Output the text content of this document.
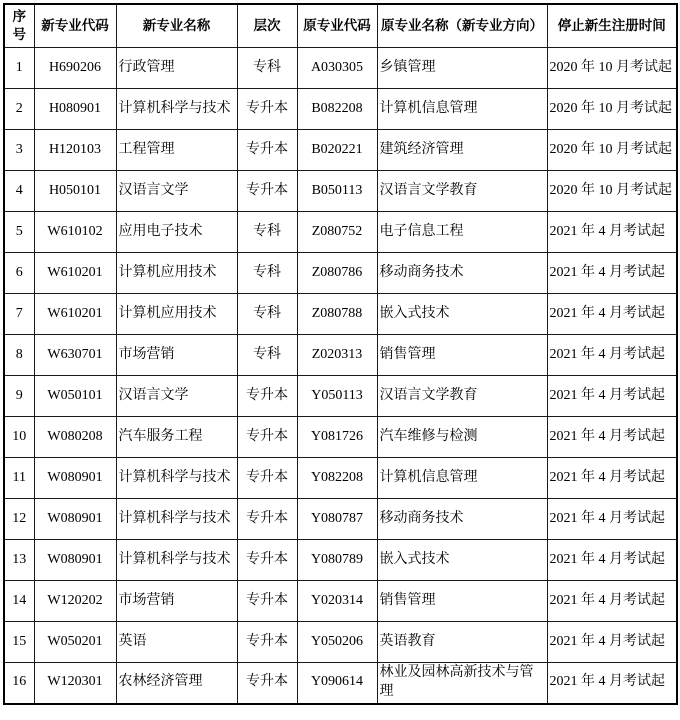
序号	新专业代码	新专业名称	层次	原专业代码	原专业名称（新专业方向）	停止新生注册时间
1	H690206	行政管理	专科	A030305	乡镇管理	2020 年 10 月考试起
2	H080901	计算机科学与技术	专升本	B082208	计算机信息管理	2020 年 10 月考试起
3	H120103	工程管理	专升本	B020221	建筑经济管理	2020 年 10 月考试起
4	H050101	汉语言文学	专升本	B050113	汉语言文学教育	2020 年 10 月考试起
5	W610102	应用电子技术	专科	Z080752	电子信息工程	2021 年 4 月考试起
6	W610201	计算机应用技术	专科	Z080786	移动商务技术	2021 年 4 月考试起
7	W610201	计算机应用技术	专科	Z080788	嵌入式技术	2021 年 4 月考试起
8	W630701	市场营销	专科	Z020313	销售管理	2021 年 4 月考试起
9	W050101	汉语言文学	专升本	Y050113	汉语言文学教育	2021 年 4 月考试起
10	W080208	汽车服务工程	专升本	Y081726	汽车维修与检测	2021 年 4 月考试起
11	W080901	计算机科学与技术	专升本	Y082208	计算机信息管理	2021 年 4 月考试起
12	W080901	计算机科学与技术	专升本	Y080787	移动商务技术	2021 年 4 月考试起
13	W080901	计算机科学与技术	专升本	Y080789	嵌入式技术	2021 年 4 月考试起
14	W120202	市场营销	专升本	Y020314	销售管理	2021 年 4 月考试起
15	W050201	英语	专升本	Y050206	英语教育	2021 年 4 月考试起
16	W120301	农林经济管理	专升本	Y090614	林业及园林高新技术与管理	2021 年 4 月考试起
